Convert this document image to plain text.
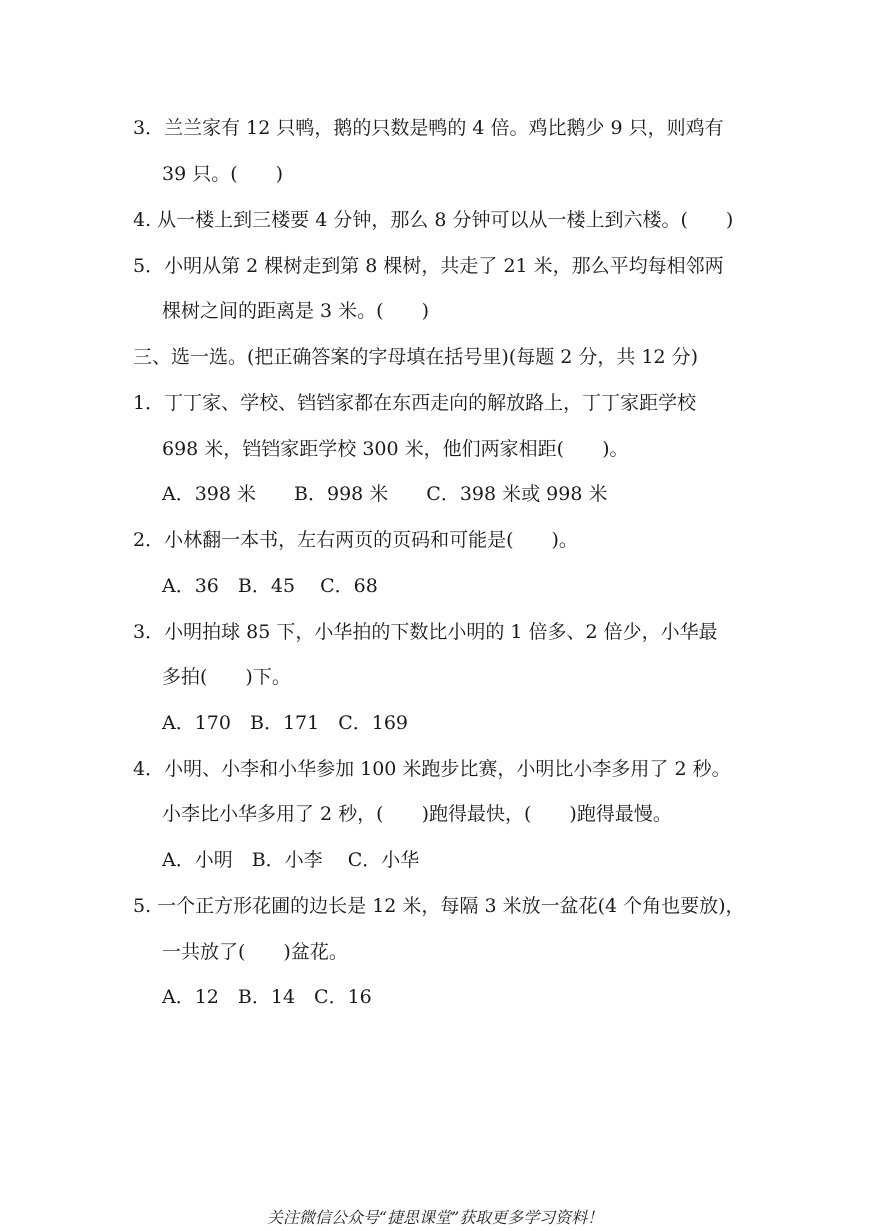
3．兰兰家有 12 只鸭，鹅的只数是鸭的 4 倍。鸡比鹅少 9 只，则鸡有
39 只。(　　)
4. 从一楼上到三楼要 4 分钟，那么 8 分钟可以从一楼上到六楼。(　　)
5．小明从第 2 棵树走到第 8 棵树，共走了 21 米，那么平均每相邻两
棵树之间的距离是 3 米。(　　)
三、选一选。(把正确答案的字母填在括号里)(每题 2 分，共 12 分)
1．丁丁家、学校、铛铛家都在东西走向的解放路上，丁丁家距学校
698 米，铛铛家距学校 300 米，他们两家相距(　　)。
A．398 米　　B．998 米　　C．398 米或 998 米
2．小林翻一本书，左右两页的页码和可能是(　　)。
A．36　B．45　 C．68
3．小明拍球 85 下，小华拍的下数比小明的 1 倍多、2 倍少，小华最
多拍(　　)下。
A．170　B．171　C．169
4．小明、小李和小华参加 100 米跑步比赛，小明比小李多用了 2 秒。
小李比小华多用了 2 秒，(　　)跑得最快，(　　)跑得最慢。
A．小明　B．小李　 C．小华
5. 一个正方形花圃的边长是 12 米，每隔 3 米放一盆花(4 个角也要放)，
一共放了(　　)盆花。
A．12　B．14　C．16
关注微信公众号“捷思课堂”获取更多学习资料！
